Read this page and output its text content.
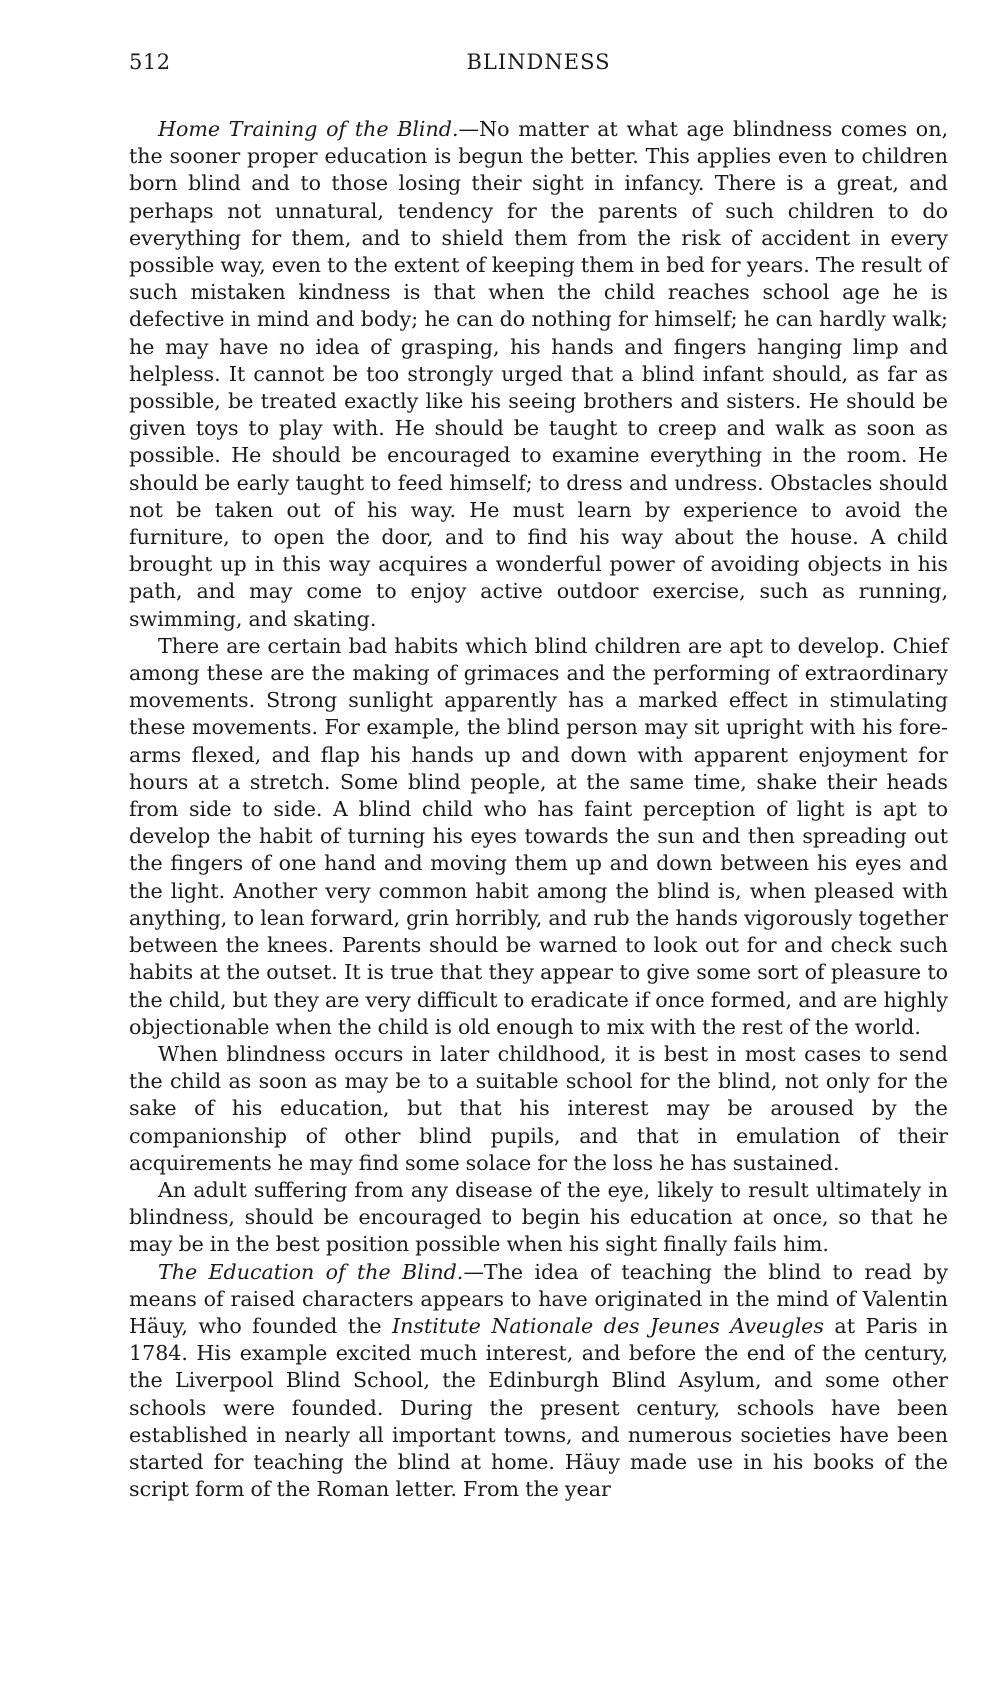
512	BLINDNESS

Home Training of the Blind.—No matter at what age blindness comes on, the sooner proper education is begun the better. This applies even to children born blind and to those losing their sight in infancy. There is a great, and perhaps not unnatural, tendency for the parents of such children to do everything for them, and to shield them from the risk of accident in every possible way, even to the extent of keeping them in bed for years. The result of such mistaken kindness is that when the child reaches school age he is defective in mind and body; he can do nothing for himself; he can hardly walk; he may have no idea of grasping, his hands and fingers hanging limp and helpless. It cannot be too strongly urged that a blind infant should, as far as possible, be treated exactly like his seeing brothers and sisters. He should be given toys to play with. He should be taught to creep and walk as soon as possible. He should be encouraged to examine everything in the room. He should be early taught to feed himself; to dress and undress. Obstacles should not be taken out of his way. He must learn by experience to avoid the furniture, to open the door, and to find his way about the house. A child brought up in this way acquires a wonderful power of avoiding objects in his path, and may come to enjoy active outdoor exercise, such as running, swimming, and skating.

There are certain bad habits which blind children are apt to develop. Chief among these are the making of grimaces and the performing of extraordinary movements. Strong sunlight apparently has a marked effect in stimulating these movements. For example, the blind person may sit upright with his fore-arms flexed, and flap his hands up and down with apparent enjoyment for hours at a stretch. Some blind people, at the same time, shake their heads from side to side. A blind child who has faint perception of light is apt to develop the habit of turning his eyes towards the sun and then spreading out the fingers of one hand and moving them up and down between his eyes and the light. Another very common habit among the blind is, when pleased with anything, to lean forward, grin horribly, and rub the hands vigorously together between the knees. Parents should be warned to look out for and check such habits at the outset. It is true that they appear to give some sort of pleasure to the child, but they are very difficult to eradicate if once formed, and are highly objectionable when the child is old enough to mix with the rest of the world.

When blindness occurs in later childhood, it is best in most cases to send the child as soon as may be to a suitable school for the blind, not only for the sake of his education, but that his interest may be aroused by the companionship of other blind pupils, and that in emulation of their acquirements he may find some solace for the loss he has sustained.

An adult suffering from any disease of the eye, likely to result ultimately in blindness, should be encouraged to begin his education at once, so that he may be in the best position possible when his sight finally fails him.

The Education of the Blind.—The idea of teaching the blind to read by means of raised characters appears to have originated in the mind of Valentin Häuy, who founded the Institute Nationale des Jeunes Aveugles at Paris in 1784. His example excited much interest, and before the end of the century, the Liverpool Blind School, the Edinburgh Blind Asylum, and some other schools were founded. During the present century, schools have been established in nearly all important towns, and numerous societies have been started for teaching the blind at home. Häuy made use in his books of the script form of the Roman letter. From the year
